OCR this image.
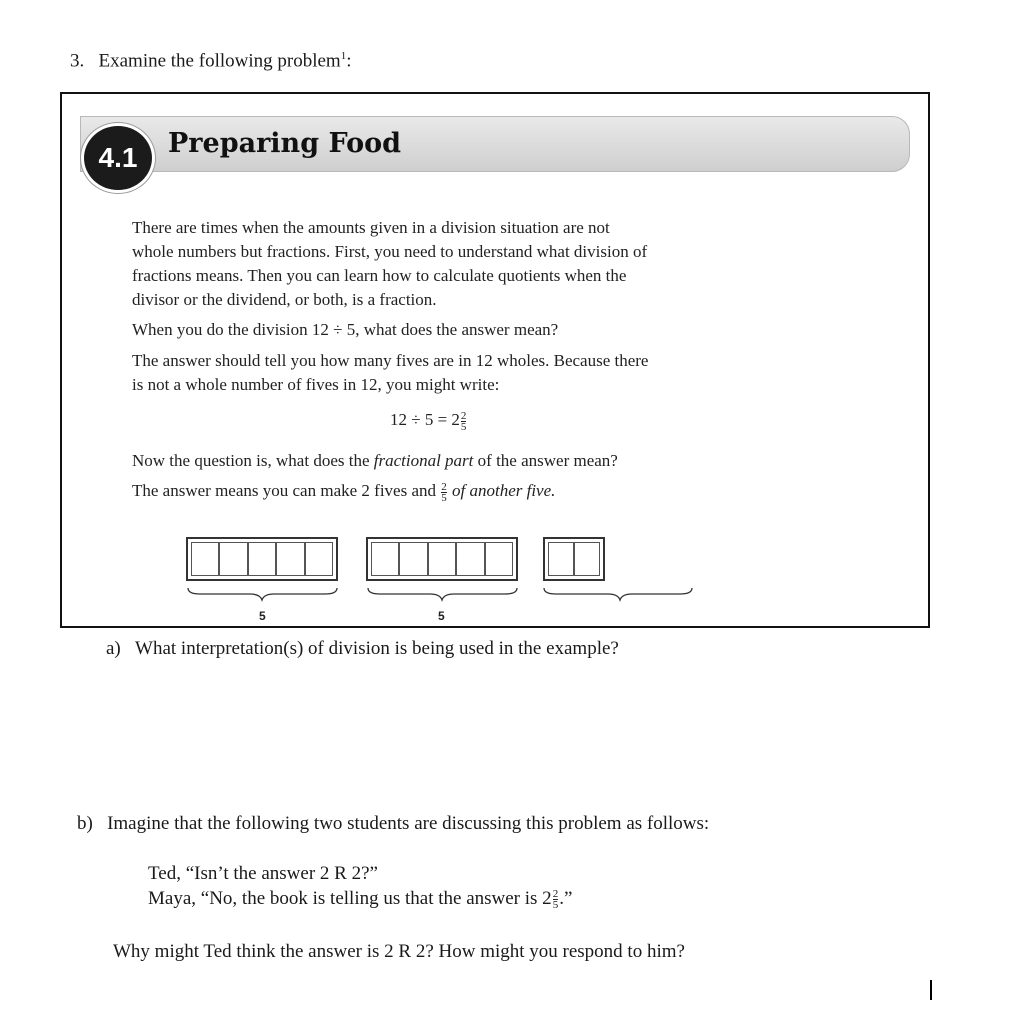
3. Examine the following problem$^1$:
4.1	Preparing Food
There are times when the amounts given in a division situation are not
whole numbers but fractions. First, you need to understand what division of
fractions means. Then you can learn how to calculate quotients when the
divisor or the dividend, or both, is a fraction.
When you do the division 12 ÷ 5, what does the answer mean?
The answer should tell you how many fives are in 12 wholes. Because there
is not a whole number of fives in 12, you might write:
$12 \div 5 = 2 \frac{2}{5}$
Now the question is, what does the fractional part of the answer mean?
The answer means you can make 2 fives and $\frac{2}{5}$ of another five.
5	5
a) What interpretation(s) of division is being used in the example?
b) Imagine that the following two students are discussing this problem as follows:
Ted, “Isn’t the answer 2 R 2?”
Maya, “No, the book is telling us that the answer is $2 \frac{2}{5}$ .”
Why might Ted think the answer is 2 R 2? How might you respond to him?
